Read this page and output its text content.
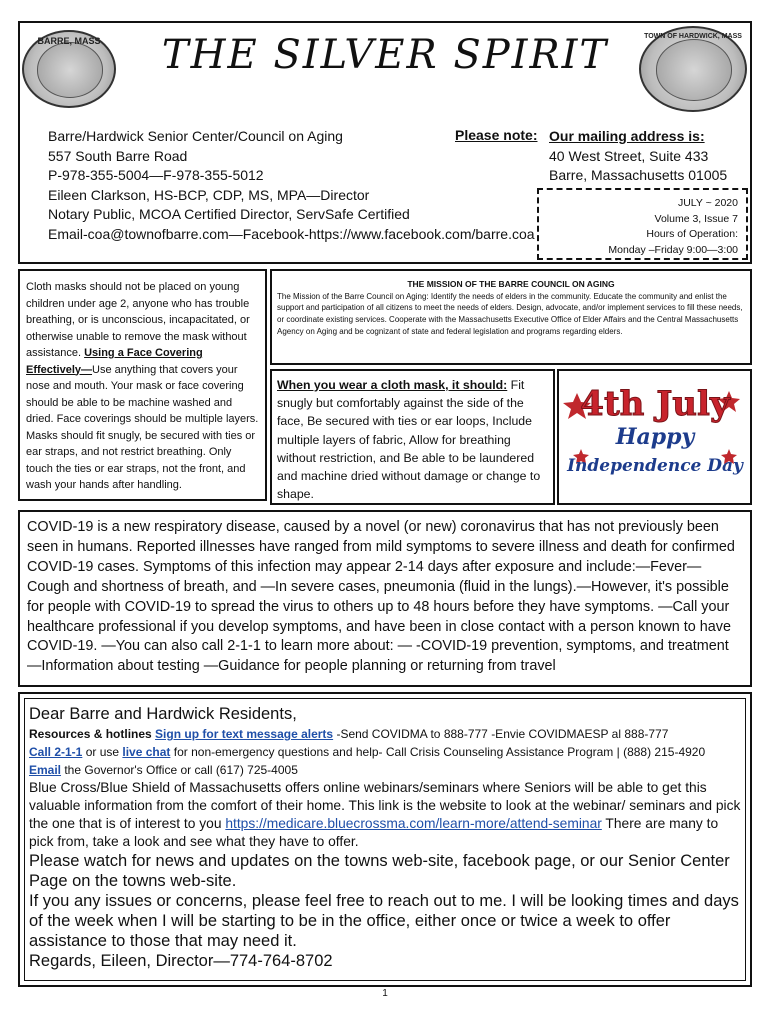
BARRE, MASS
TOWN OF HARDWICK, MASS
THE SILVER SPIRIT
Barre/Hardwick Senior Center/Council on Aging
557 South Barre Road
P-978-355-5004—F-978-355-5012
Eileen Clarkson, HS-BCP, CDP, MS, MPA—Director
Notary Public, MCOA Certified Director, ServSafe Certified
Email-coa@townofbarre.com—Facebook-https://www.facebook.com/barre.coa
Please note: Our mailing address is:
40 West Street, Suite 433
Barre, Massachusetts 01005
JULY ~ 2020
Volume 3, Issue 7
Hours of Operation:
Monday –Friday 9:00—3:00
Cloth masks should not be placed on young children under age 2, anyone who has trouble breathing, or is unconscious, incapacitated, or otherwise unable to remove the mask without assistance. Using a Face Covering Effectively—Use anything that covers your nose and mouth. Your mask or face covering should be able to be machine washed and dried. Face coverings should be multiple layers. Masks should fit snugly, be secured with ties or ear straps, and not restrict breathing. Only touch the ties or ear straps, not the front, and wash your hands after handling.
THE MISSION OF THE BARRE COUNCIL ON AGING
The Mission of the Barre Council on Aging: Identify the needs of elders in the community. Educate the community and enlist the support and participation of all citizens to meet the needs of elders. Design, advocate, and/or implement services to fill these needs, or coordinate existing services. Cooperate with the Massachusetts Executive Office of Elder Affairs and the Central Massachusetts Agency on Aging and be cognizant of state and federal legislation and programs regarding elders.
When you wear a cloth mask, it should: Fit snugly but comfortably against the side of the face, Be secured with ties or ear loops, Include multiple layers of fabric, Allow for breathing without restriction, and Be able to be laundered and machine dried without damage or change to shape.
4th July
Happy
Independence Day
COVID-19 is a new respiratory disease, caused by a novel (or new) coronavirus that has not previously been seen in humans. Reported illnesses have ranged from mild symptoms to severe illness and death for confirmed COVID-19 cases. Symptoms of this infection may appear 2-14 days after exposure and include:—Fever—Cough and shortness of breath, and —In severe cases, pneumonia (fluid in the lungs).—However, it's possible for people with COVID-19 to spread the virus to others up to 48 hours before they have symptoms. —Call your healthcare professional if you develop symptoms, and have been in close contact with a person known to have COVID-19. —You can also call 2-1-1 to learn more about: — -COVID-19 prevention, symptoms, and treatment —Information about testing —Guidance for people planning or returning from travel
Dear Barre and Hardwick Residents,
Resources & hotlines Sign up for text message alerts -Send COVIDMA to 888-777 -Envie COVIDMAESP al 888-777
Call 2-1-1 or use live chat for non-emergency questions and help- Call Crisis Counseling Assistance Program | (888) 215-4920
Email the Governor's Office or call (617) 725-4005
Blue Cross/Blue Shield of Massachusetts offers online webinars/seminars where Seniors will be able to get this valuable information from the comfort of their home. This link is the website to look at the webinar/ seminars and pick the one that is of interest to you https://medicare.bluecrossma.com/learn-more/attend-seminar There are many to pick from, take a look and see what they have to offer.
Please watch for news and updates on the towns web-site, facebook page, or our Senior Center Page on the towns web-site.
If you any issues or concerns, please feel free to reach out to me. I will be looking times and days of the week when I will be starting to be in the office, either once or twice a week to offer assistance to those that may need it.
Regards, Eileen, Director—774-764-8702
1
